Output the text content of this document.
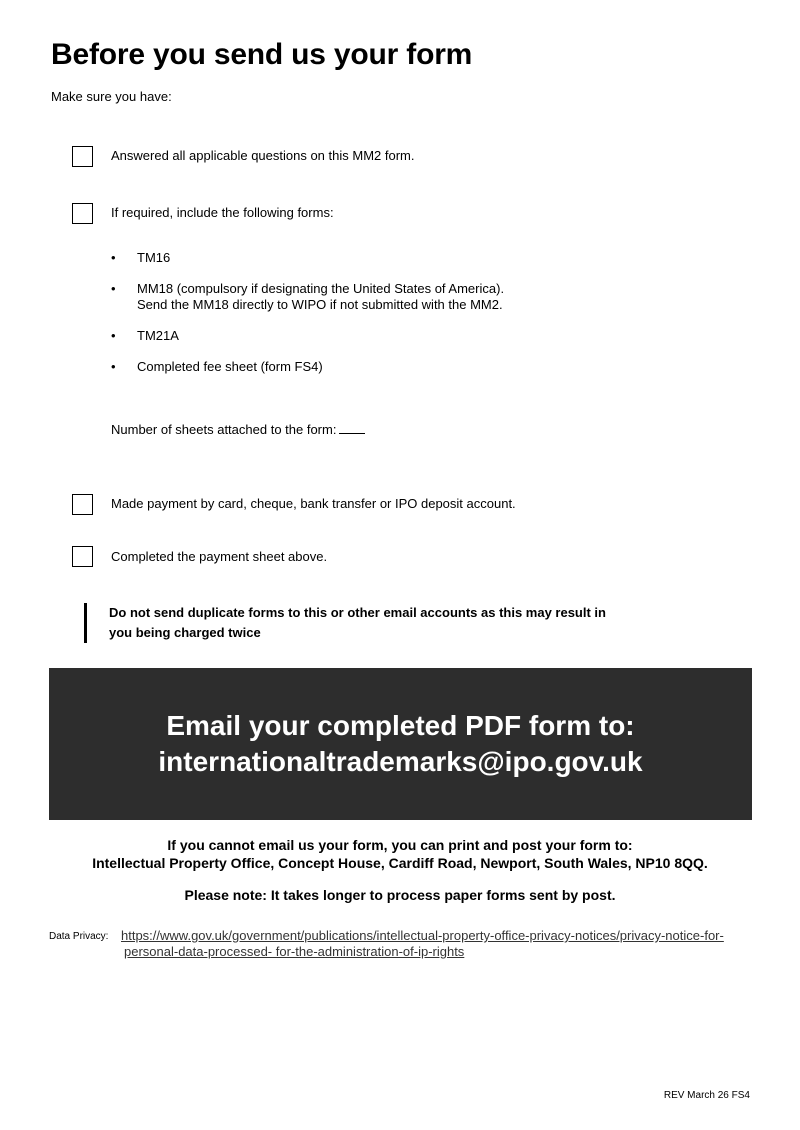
Before you send us your form
Make sure you have:
Answered all applicable questions on this MM2 form.
If required, include the following forms:
• TM16
• MM18 (compulsory if designating the United States of America).
Send the MM18 directly to WIPO if not submitted with the MM2.
• TM21A
• Completed fee sheet (form FS4)
Number of sheets attached to the form:
Made payment by card, cheque, bank transfer or IPO deposit account.
Completed the payment sheet above.
Do not send duplicate forms to this or other email accounts as this may result in
you being charged twice
Email your completed PDF form to:
internationaltrademarks@ipo.gov.uk
If you cannot email us your form, you can print and post your form to:
Intellectual Property Office, Concept House, Cardiff Road, Newport, South Wales, NP10 8QQ.
Please note: It takes longer to process paper forms sent by post.
Data Privacy: https://www.gov.uk/government/publications/intellectual-property-office-privacy-notices/privacy-notice-for-
personal-data-processed- for-the-administration-of-ip-rights
REV March 26 FS4
